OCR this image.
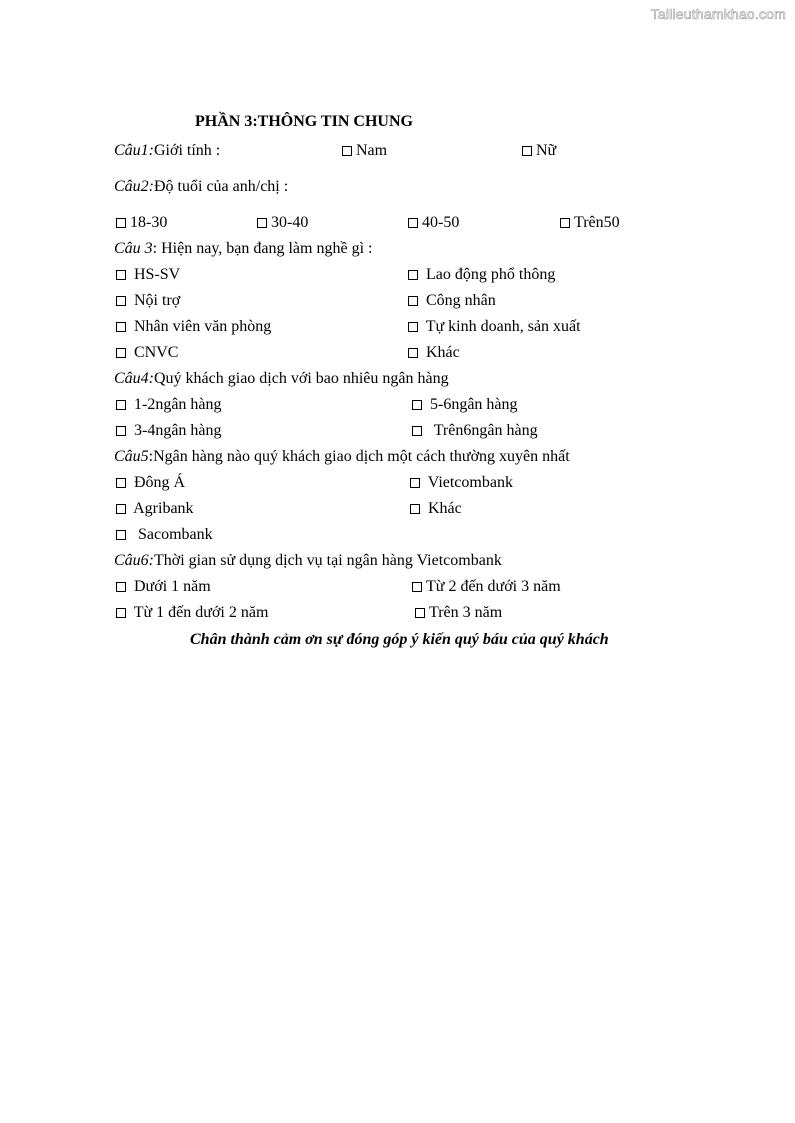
Tailieuthamkhao.com
PHẦN 3:THÔNG TIN CHUNG
Câu1:Giới tính :	Nam	Nữ
Câu2:Độ tuổi của anh/chị :
18-30	30-40	40-50	Trên50
Câu 3: Hiện nay, bạn đang làm nghề gì :
HS-SV	Lao động phổ thông
Nội trợ	Công nhân
Nhân viên văn phòng	Tự kinh doanh, sản xuất
CNVC	Khác
Câu4:Quý khách giao dịch với bao nhiêu ngân hàng
1-2ngân hàng	5-6ngân hàng
3-4ngân hàng	Trên6ngân hàng
Câu5:Ngân hàng nào quý khách giao dịch một cách thường xuyên nhất
Đông Á	Vietcombank
Agribank	Khác
Sacombank
Câu6:Thời gian sử dụng dịch vụ tại ngân hàng Vietcombank
Dưới 1 năm	Từ 2 đến dưới 3 năm
Từ 1 đến dưới 2 năm	Trên 3 năm
Chân thành cảm ơn sự đóng góp ý kiến quý báu của quý khách
